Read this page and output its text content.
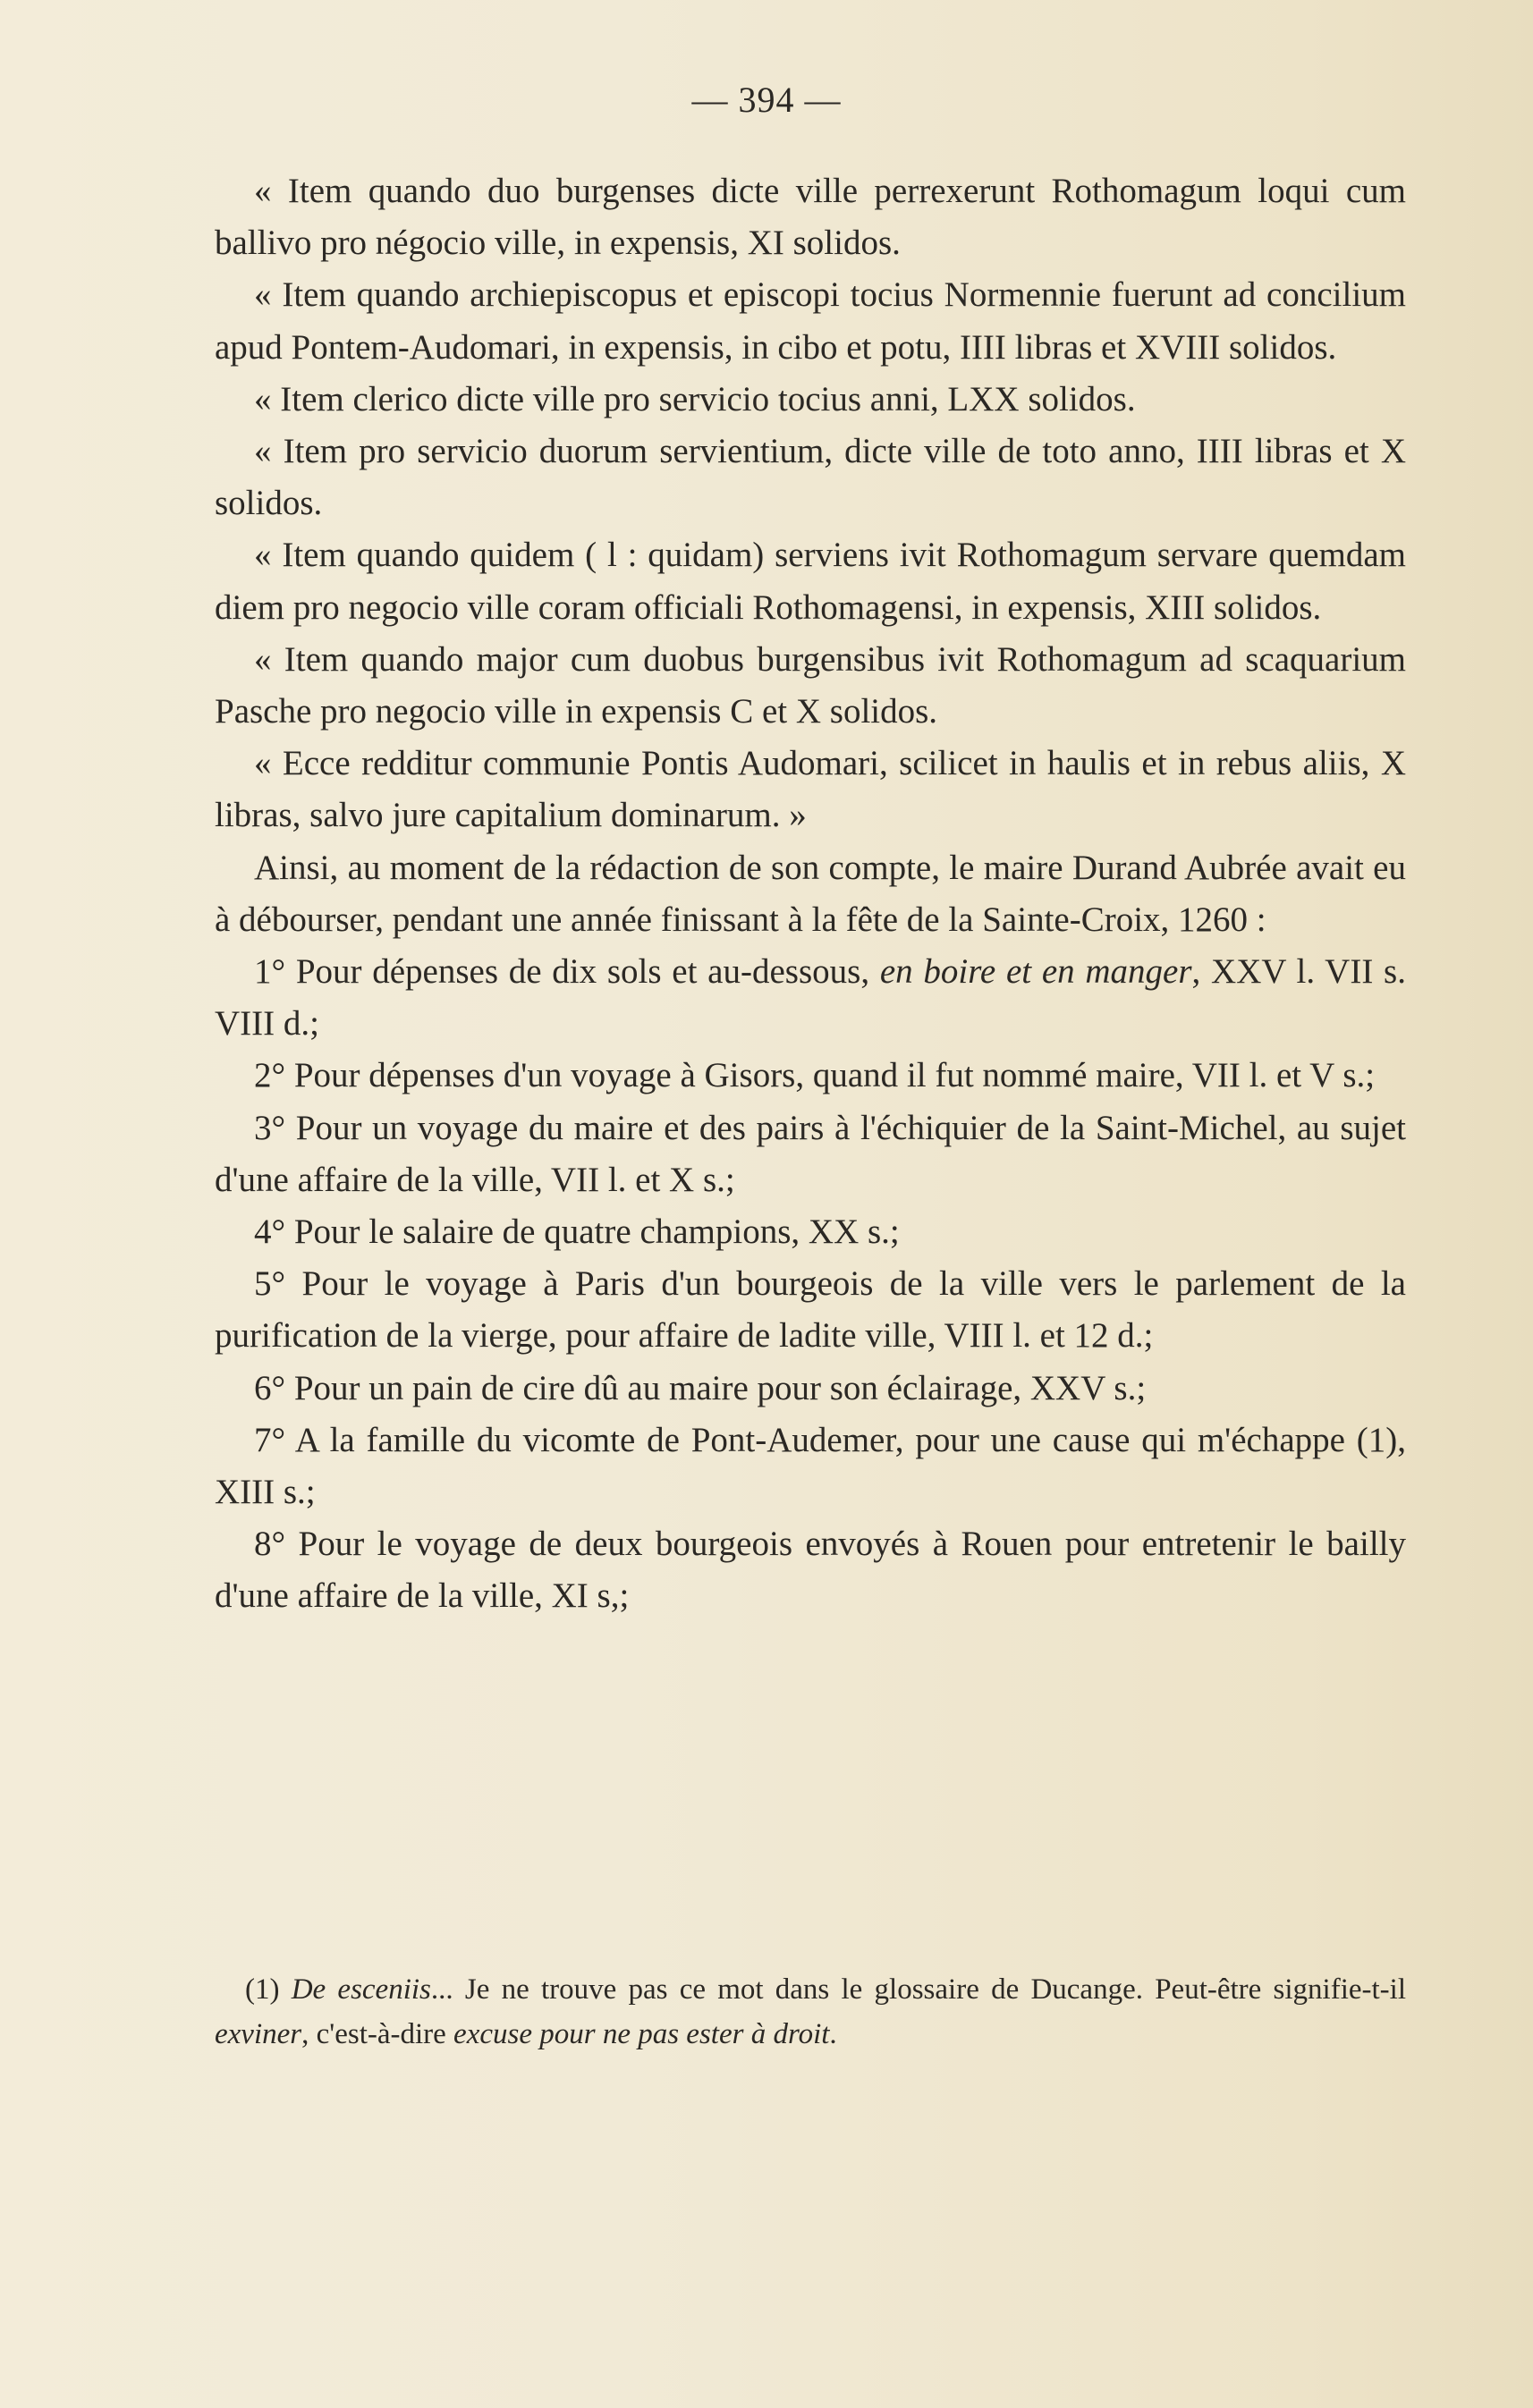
— 394 —

« Item quando duo burgenses dicte ville perrexerunt Rothomagum loqui cum ballivo pro négocio ville, in expensis, XI solidos.

« Item quando archiepiscopus et episcopi tocius Normennie fuerunt ad concilium apud Pontem-Audomari, in expensis, in cibo et potu, IIII libras et XVIII solidos.

« Item clerico dicte ville pro servicio tocius anni, LXX solidos.

« Item pro servicio duorum servientium, dicte ville de toto anno, IIII libras et X solidos.

« Item quando quidem ( l : quidam) serviens ivit Rothomagum servare quemdam diem pro negocio ville coram officiali Rothomagensi, in expensis, XIII solidos.

« Item quando major cum duobus burgensibus ivit Rothomagum ad scaquarium Pasche pro negocio ville in expensis C et X solidos.

« Ecce redditur communie Pontis Audomari, scilicet in haulis et in rebus aliis, X libras, salvo jure capitalium dominarum. »

Ainsi, au moment de la rédaction de son compte, le maire Durand Aubrée avait eu à débourser, pendant une année finissant à la fête de la Sainte-Croix, 1260 :

1° Pour dépenses de dix sols et au-dessous, en boire et en manger, XXV l. VII s. VIII d.;

2° Pour dépenses d'un voyage à Gisors, quand il fut nommé maire, VII l. et V s.;

3° Pour un voyage du maire et des pairs à l'échiquier de la Saint-Michel, au sujet d'une affaire de la ville, VII l. et X s.;

4° Pour le salaire de quatre champions, XX s.;

5° Pour le voyage à Paris d'un bourgeois de la ville vers le parlement de la purification de la vierge, pour affaire de ladite ville, VIII l. et 12 d.;

6° Pour un pain de cire dû au maire pour son éclairage, XXV s.;

7° A la famille du vicomte de Pont-Audemer, pour une cause qui m'échappe (1), XIII s.;

8° Pour le voyage de deux bourgeois envoyés à Rouen pour entretenir le bailly d'une affaire de la ville, XI s,;

(1) De esceniis... Je ne trouve pas ce mot dans le glossaire de Ducange. Peut-être signifie-t-il exviner, c'est-à-dire excuse pour ne pas ester à droit.
